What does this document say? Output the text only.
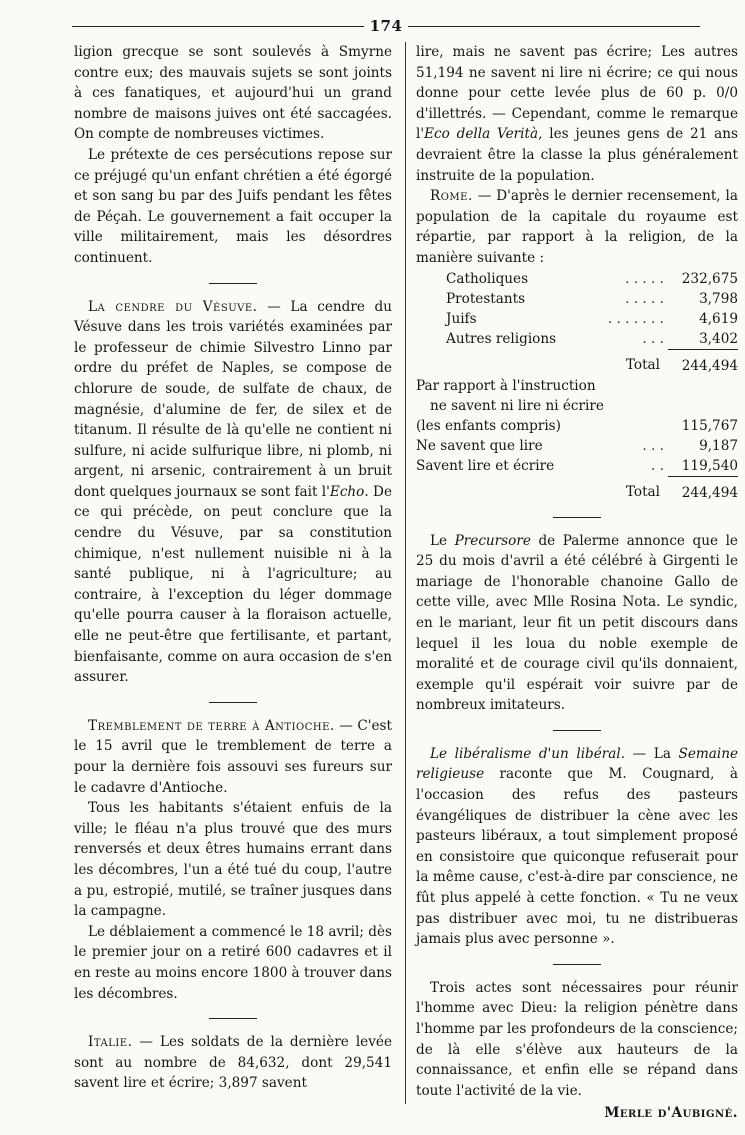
174

ligion grecque se sont soulevés à Smyrne contre eux; des mauvais sujets se sont joints à ces fanatiques, et aujourd'hui un grand nombre de maisons juives ont été saccagées. On compte de nombreuses victimes.

Le prétexte de ces persécutions repose sur ce préjugé qu'un enfant chrétien a été égorgé et son sang bu par des Juifs pendant les fêtes de Péçah. Le gouvernement a fait occuper la ville militairement, mais les désordres continuent.

La cendre du Vésuve. — La cendre du Vésuve dans les trois variétés examinées par le professeur de chimie Silvestro Linno par ordre du préfet de Naples, se compose de chlorure de soude, de sulfate de chaux, de magnésie, d'alumine de fer, de silex et de titanum. Il résulte de là qu'elle ne contient ni sulfure, ni acide sulfurique libre, ni plomb, ni argent, ni arsenic, contrairement à un bruit dont quelques journaux se sont fait l'Echo. De ce qui précède, on peut conclure que la cendre du Vésuve, par sa constitution chimique, n'est nullement nuisible ni à la santé publique, ni à l'agriculture; au contraire, à l'exception du léger dommage qu'elle pourra causer à la floraison actuelle, elle ne peut-être que fertilisante, et partant, bienfaisante, comme on aura occasion de s'en assurer.

Tremblement de terre à Antioche. — C'est le 15 avril que le tremblement de terre a pour la dernière fois assouvi ses fureurs sur le cadavre d'Antioche.

Tous les habitants s'étaient enfuis de la ville; le fléau n'a plus trouvé que des murs renversés et deux êtres humains errant dans les décombres, l'un a été tué du coup, l'autre a pu, estropié, mutilé, se traîner jusques dans la campagne.

Le déblaiement a commencé le 18 avril; dès le premier jour on a retiré 600 cadavres et il en reste au moins encore 1800 à trouver dans les décombres.

Italie. — Les soldats de la dernière levée sont au nombre de 84,632, dont 29,541 savent lire et écrire; 3,897 savent

lire, mais ne savent pas écrire; Les autres 51,194 ne savent ni lire ni écrire; ce qui nous donne pour cette levée plus de 60 p. 0/0 d'illettrés. — Cependant, comme le remarque l'Eco della Verità, les jeunes gens de 21 ans devraient être la classe la plus généralement instruite de la population.

Rome. — D'après le dernier recensement, la population de la capitale du royaume est répartie, par rapport à la religion, de la manière suivante :

Catholiques	. . . . .	232,675
Protestants	. . . . .	3,798
Juifs	. . . . . . .	4,619
Autres religions	. . .	3,402
Total		244,494
Par rapport à l'instruction		
ne savent ni lire ni écrire		
(les enfants compris)		115,767
Ne savent que lire	. . .	9,187
Savent lire et écrire	. .	119,540
Total		244,494

Le Precursore de Palerme annonce que le 25 du mois d'avril a été célébré à Girgenti le mariage de l'honorable chanoine Gallo de cette ville, avec Mlle Rosina Nota. Le syndic, en le mariant, leur fit un petit discours dans lequel il les loua du noble exemple de moralité et de courage civil qu'ils donnaient, exemple qu'il espérait voir suivre par de nombreux imitateurs.

Le libéralisme d'un libéral. — La Semaine religieuse raconte que M. Cougnard, à l'occasion des refus des pasteurs évangéliques de distribuer la cène avec les pasteurs libéraux, a tout simplement proposé en consistoire que quiconque refuserait pour la même cause, c'est-à-dire par conscience, ne fût plus appelé à cette fonction. « Tu ne veux pas distribuer avec moi, tu ne distribueras jamais plus avec personne ».

Trois actes sont nécessaires pour réunir l'homme avec Dieu: la religion pénètre dans l'homme par les profondeurs de la conscience; de là elle s'élève aux hauteurs de la connaissance, et enfin elle se répand dans toute l'activité de la vie.

Merle d'Aubigné.
